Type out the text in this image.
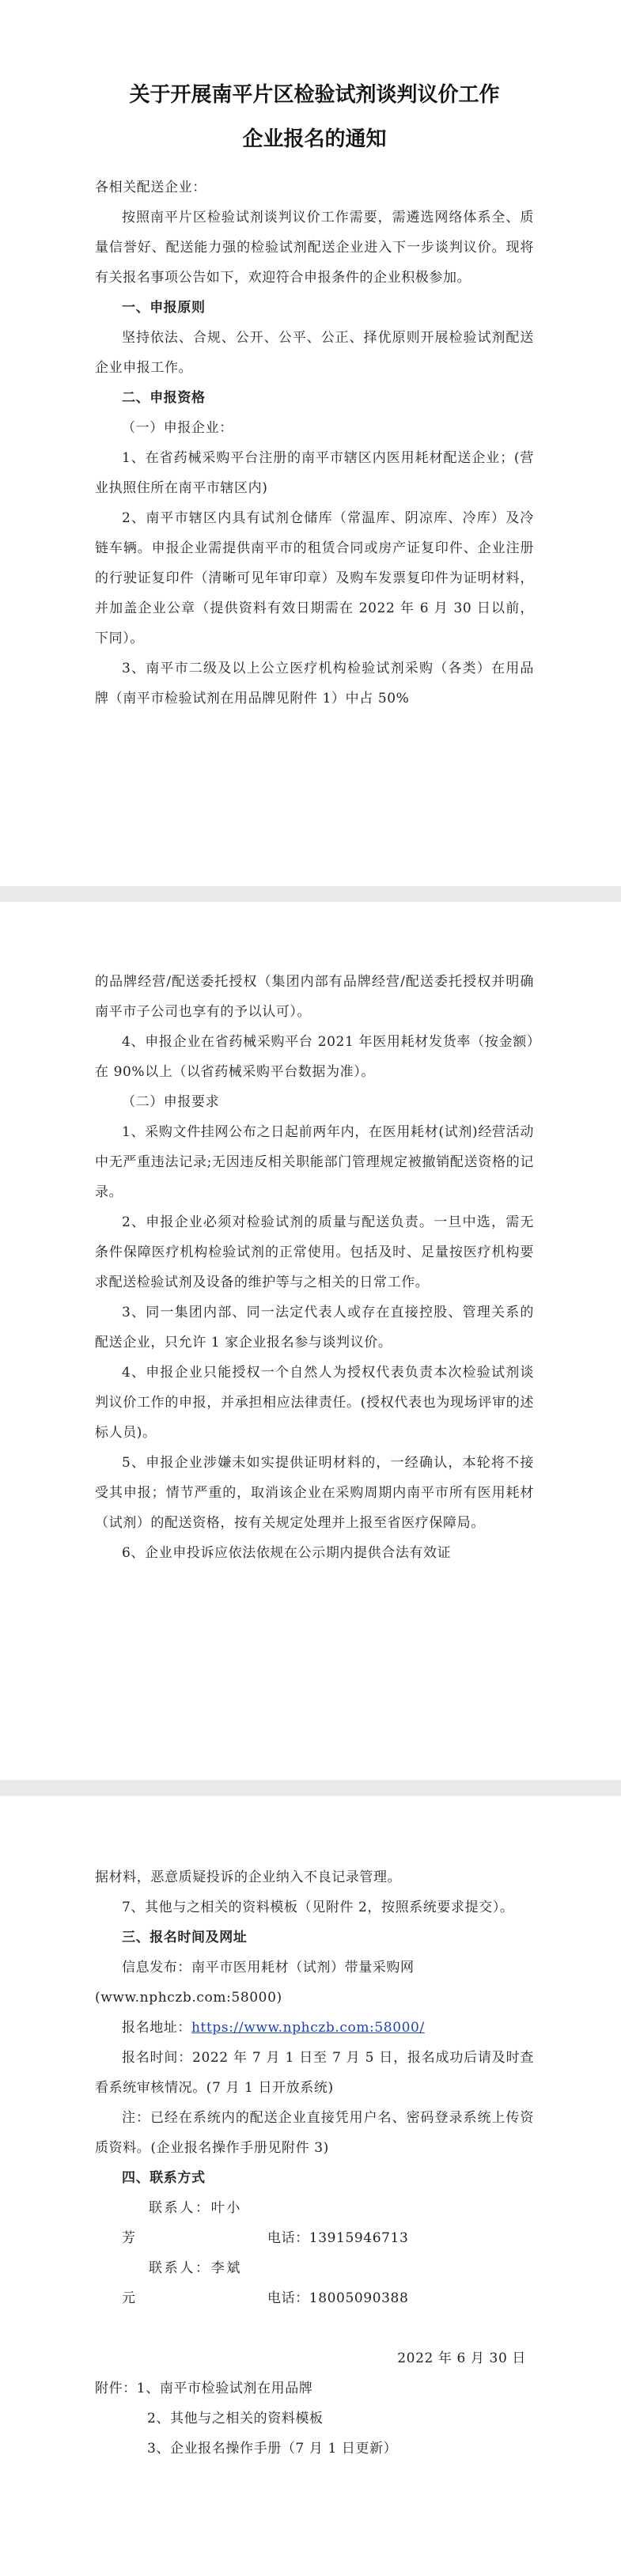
关于开展南平片区检验试剂谈判议价工作
企业报名的通知

各相关配送企业：

按照南平片区检验试剂谈判议价工作需要，需遴选网络体系全、质量信誉好、配送能力强的检验试剂配送企业进入下一步谈判议价。现将有关报名事项公告如下，欢迎符合申报条件的企业积极参加。

一、申报原则

坚持依法、合规、公开、公平、公正、择优原则开展检验试剂配送企业申报工作。

二、申报资格

（一）申报企业：

1、在省药械采购平台注册的南平市辖区内医用耗材配送企业；(营业执照住所在南平市辖区内)

2、南平市辖区内具有试剂仓储库（常温库、阴凉库、冷库）及冷链车辆。申报企业需提供南平市的租赁合同或房产证复印件、企业注册的行驶证复印件（清晰可见年审印章）及购车发票复印件为证明材料，并加盖企业公章（提供资料有效日期需在 2022 年 6 月 30 日以前，下同）。

3、南平市二级及以上公立医疗机构检验试剂采购（各类）在用品牌（南平市检验试剂在用品牌见附件 1）中占 50%

的品牌经营/配送委托授权（集团内部有品牌经营/配送委托授权并明确南平市子公司也享有的予以认可）。

4、申报企业在省药械采购平台 2021 年医用耗材发货率（按金额）在 90%以上（以省药械采购平台数据为准）。

（二）申报要求

1、采购文件挂网公布之日起前两年内，在医用耗材(试剂)经营活动中无严重违法记录;无因违反相关职能部门管理规定被撤销配送资格的记录。

2、申报企业必须对检验试剂的质量与配送负责。一旦中选，需无条件保障医疗机构检验试剂的正常使用。包括及时、足量按医疗机构要求配送检验试剂及设备的维护等与之相关的日常工作。

3、同一集团内部、同一法定代表人或存在直接控股、管理关系的配送企业，只允许 1 家企业报名参与谈判议价。

4、申报企业只能授权一个自然人为授权代表负责本次检验试剂谈判议价工作的申报，并承担相应法律责任。(授权代表也为现场评审的述标人员)。

5、申报企业涉嫌未如实提供证明材料的，一经确认，本轮将不接受其申报；情节严重的，取消该企业在采购周期内南平市所有医用耗材（试剂）的配送资格，按有关规定处理并上报至省医疗保障局。

6、企业申投诉应依法依规在公示期内提供合法有效证

据材料，恶意质疑投诉的企业纳入不良记录管理。

7、其他与之相关的资料模板（见附件 2，按照系统要求提交）。

三、报名时间及网址

信息发布：南平市医用耗材（试剂）带量采购网

(www.nphczb.com:58000)

报名地址：https://www.nphczb.com:58000/

报名时间：2022 年 7 月 1 日至 7 月 5 日，报名成功后请及时查看系统审核情况。(7 月 1 日开放系统)

注：已经在系统内的配送企业直接凭用户名、密码登录系统上传资质资料。(企业报名操作手册见附件 3)

四、联系方式

联系人：叶小芳	电话：13915946713

联系人：李斌元	电话：18005090388

2022 年 6 月 30 日

附件：1、南平市检验试剂在用品牌

2、其他与之相关的资料模板

3、企业报名操作手册（7 月 1 日更新）
